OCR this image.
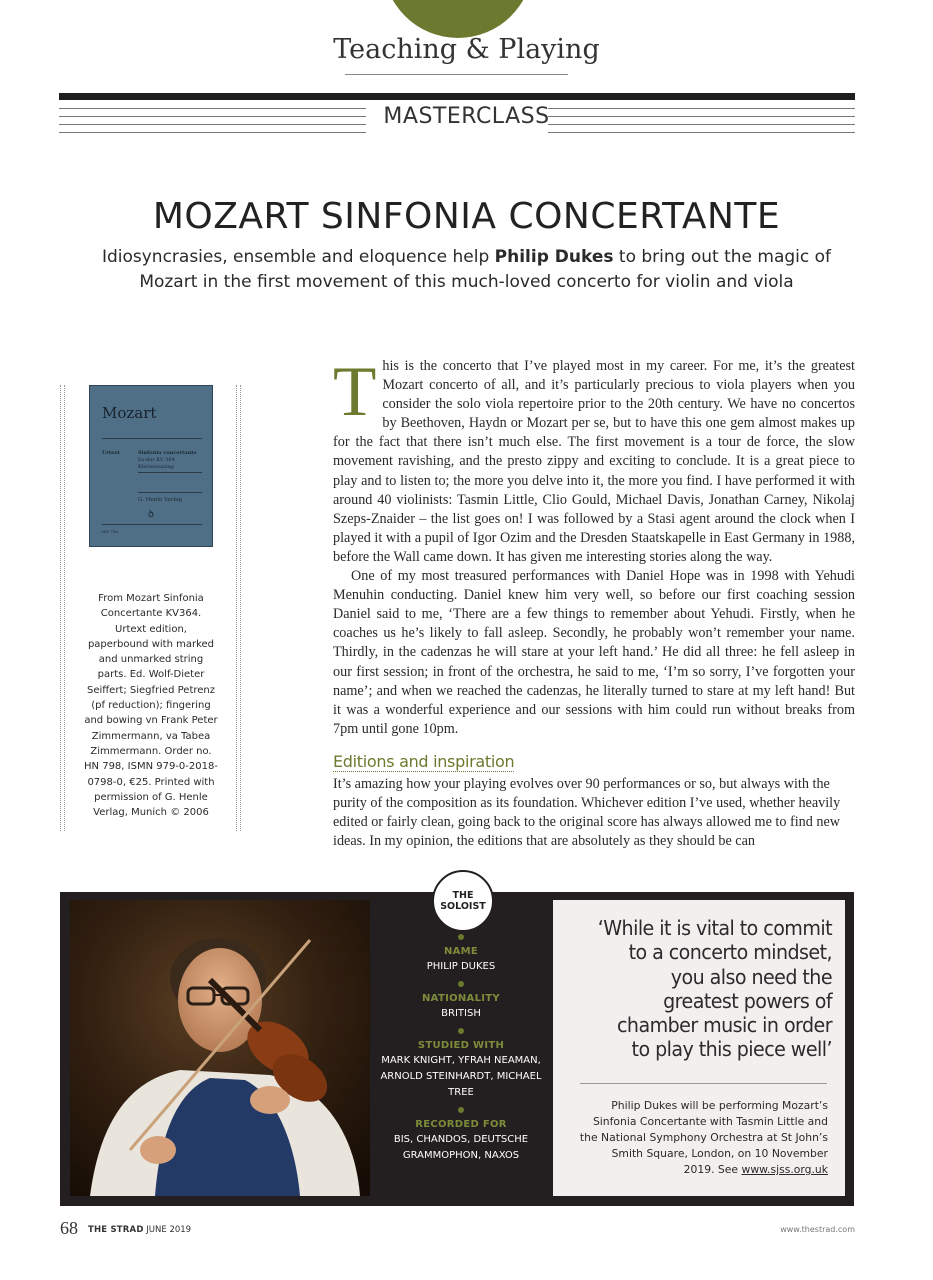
Teaching & Playing
MASTERCLASS
MOZART SINFONIA CONCERTANTE
Idiosyncrasies, ensemble and eloquence help Philip Dukes to bring out the magic of Mozart in the first movement of this much-loved concerto for violin and viola
Mozart
Urtext	Sinfonia concertante
Es-dur KV 364
Klavierauszug
G. Henle Verlag
ꝺ
HN 798
From Mozart Sinfonia Concertante KV364. Urtext edition, paperbound with marked and unmarked string parts. Ed. Wolf-Dieter Seiffert; Siegfried Petrenz (pf reduction); fingering and bowing vn Frank Peter Zimmermann, va Tabea Zimmermann. Order no. HN 798, ISMN 979-0-2018-0798-0, €25. Printed with permission of G. Henle Verlag, Munich © 2006

This is the concerto that I’ve played most in my career. For me, it’s the greatest Mozart concerto of all, and it’s particularly precious to viola players when you consider the solo viola repertoire prior to the 20th century. We have no concertos by Beethoven, Haydn or Mozart per se, but to have this one gem almost makes up for the fact that there isn’t much else. The first movement is a tour de force, the slow movement ravishing, and the presto zippy and exciting to conclude. It is a great piece to play and to listen to; the more you delve into it, the more you find. I have performed it with around 40 violinists: Tasmin Little, Clio Gould, Michael Davis, Jonathan Carney, Nikolaj Szeps-Znaider – the list goes on! I was followed by a Stasi agent around the clock when I played it with a pupil of Igor Ozim and the Dresden Staatskapelle in East Germany in 1988, before the Wall came down. It has given me interesting stories along the way.

One of my most treasured performances with Daniel Hope was in 1998 with Yehudi Menuhin conducting. Daniel knew him very well, so before our first coaching session Daniel said to me, ‘There are a few things to remember about Yehudi. Firstly, when he coaches us he’s likely to fall asleep. Secondly, he probably won’t remember your name. Thirdly, in the cadenzas he will stare at your left hand.’ He did all three: he fell asleep in our first session; in front of the orchestra, he said to me, ‘I’m so sorry, I’ve forgotten your name’; and when we reached the cadenzas, he literally turned to stare at my left hand! But it was a wonderful experience and our sessions with him could run without breaks from 7pm until gone 10pm.

Editions and inspiration
It’s amazing how your playing evolves over 90 performances or so, but always with the purity of the composition as its foundation. Whichever edition I’ve used, whether heavily edited or fairly clean, going back to the original score has always allowed me to find new ideas. In my opinion, the editions that are absolutely as they should be can
THE SOLOIST
NAME
PHILIP DUKES
NATIONALITY
BRITISH
STUDIED WITH
MARK KNIGHT, YFRAH NEAMAN, ARNOLD STEINHARDT, MICHAEL TREE
RECORDED FOR
BIS, CHANDOS, DEUTSCHE GRAMMOPHON, NAXOS
‘While it is vital to commit to a concerto mindset, you also need the greatest powers of chamber music in order to play this piece well’
Philip Dukes will be performing Mozart’s Sinfonia Concertante with Tasmin Little and the National Symphony Orchestra at St John’s Smith Square, London, on 10 November 2019. See www.sjss.org.uk
68 THE STRAD JUNE 2019	www.thestrad.com
